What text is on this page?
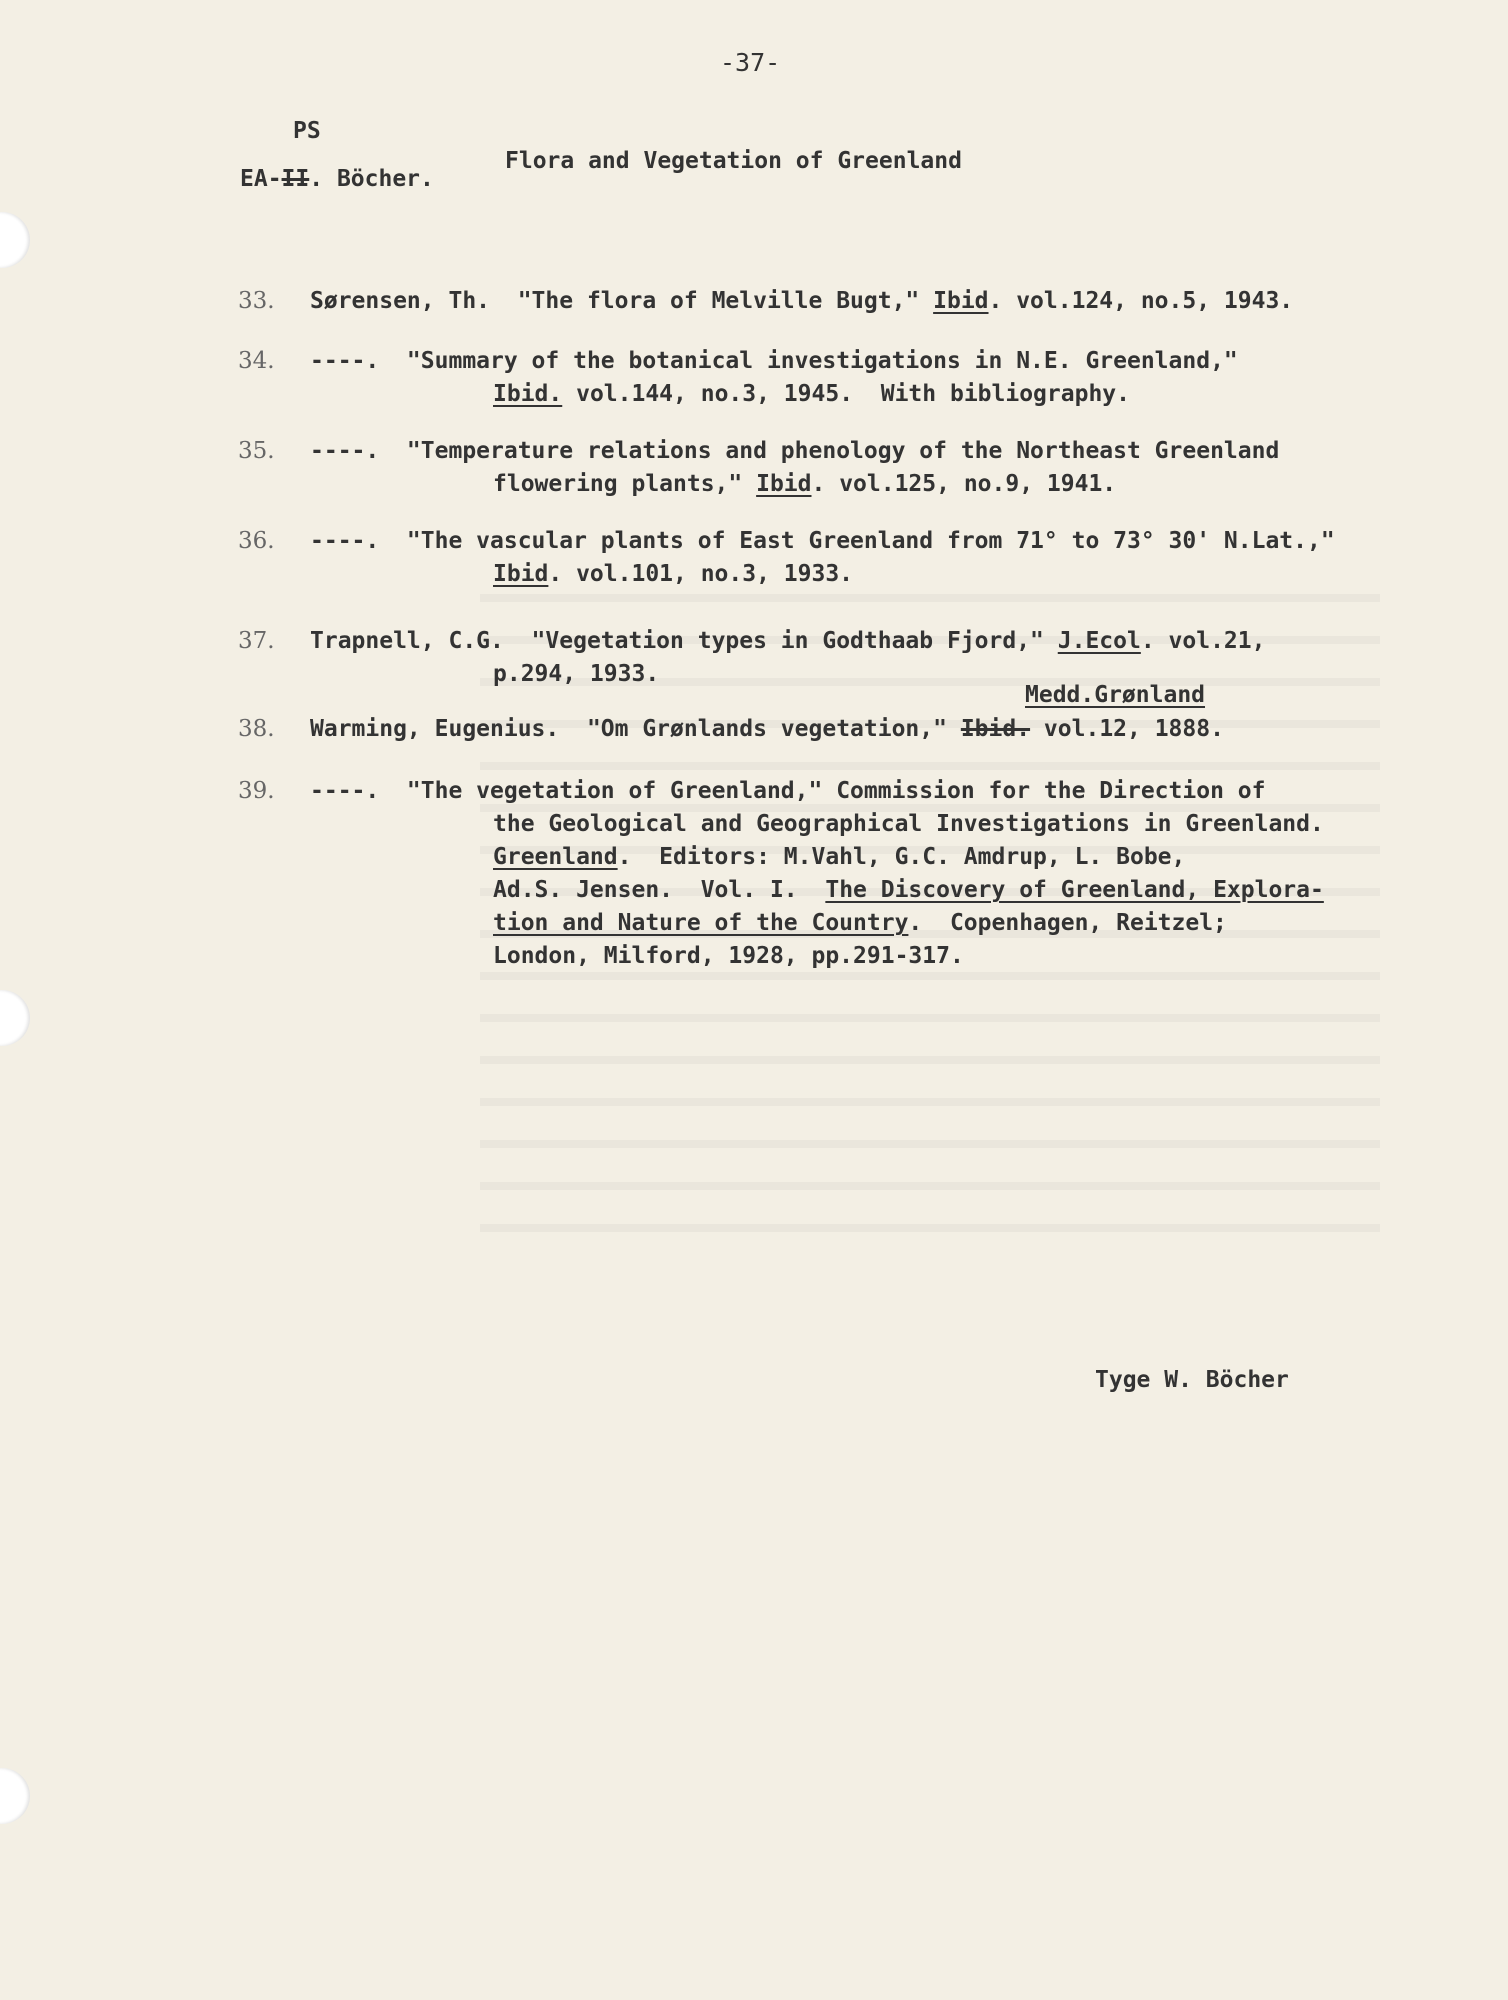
-37-
PS
EA-II. Böcher.
Flora and Vegetation of Greenland
33. Sørensen, Th.  "The flora of Melville Bugt," Ibid. vol.124, no.5, 1943.
34. ----.  "Summary of the botanical investigations in N.E. Greenland,"
Ibid. vol.144, no.3, 1945.  With bibliography.
35. ----.  "Temperature relations and phenology of the Northeast Greenland
flowering plants," Ibid. vol.125, no.9, 1941.
36. ----.  "The vascular plants of East Greenland from 71° to 73° 30' N.Lat.,"
Ibid. vol.101, no.3, 1933.
37. Trapnell, C.G.  "Vegetation types in Godthaab Fjord," J.Ecol. vol.21,
p.294, 1933.
38.
Medd.Grønland
Warming, Eugenius.  "Om Grønlands vegetation," Ibid. vol.12, 1888.
39. ----.  "The vegetation of Greenland," Commission for the Direction of
the Geological and Geographical Investigations in Greenland.
Greenland.  Editors: M.Vahl, G.C. Amdrup, L. Bobe,
Ad.S. Jensen.  Vol. I.  The Discovery of Greenland, Explora-
tion and Nature of the Country.  Copenhagen, Reitzel;
London, Milford, 1928, pp.291-317.
Tyge W. Böcher
